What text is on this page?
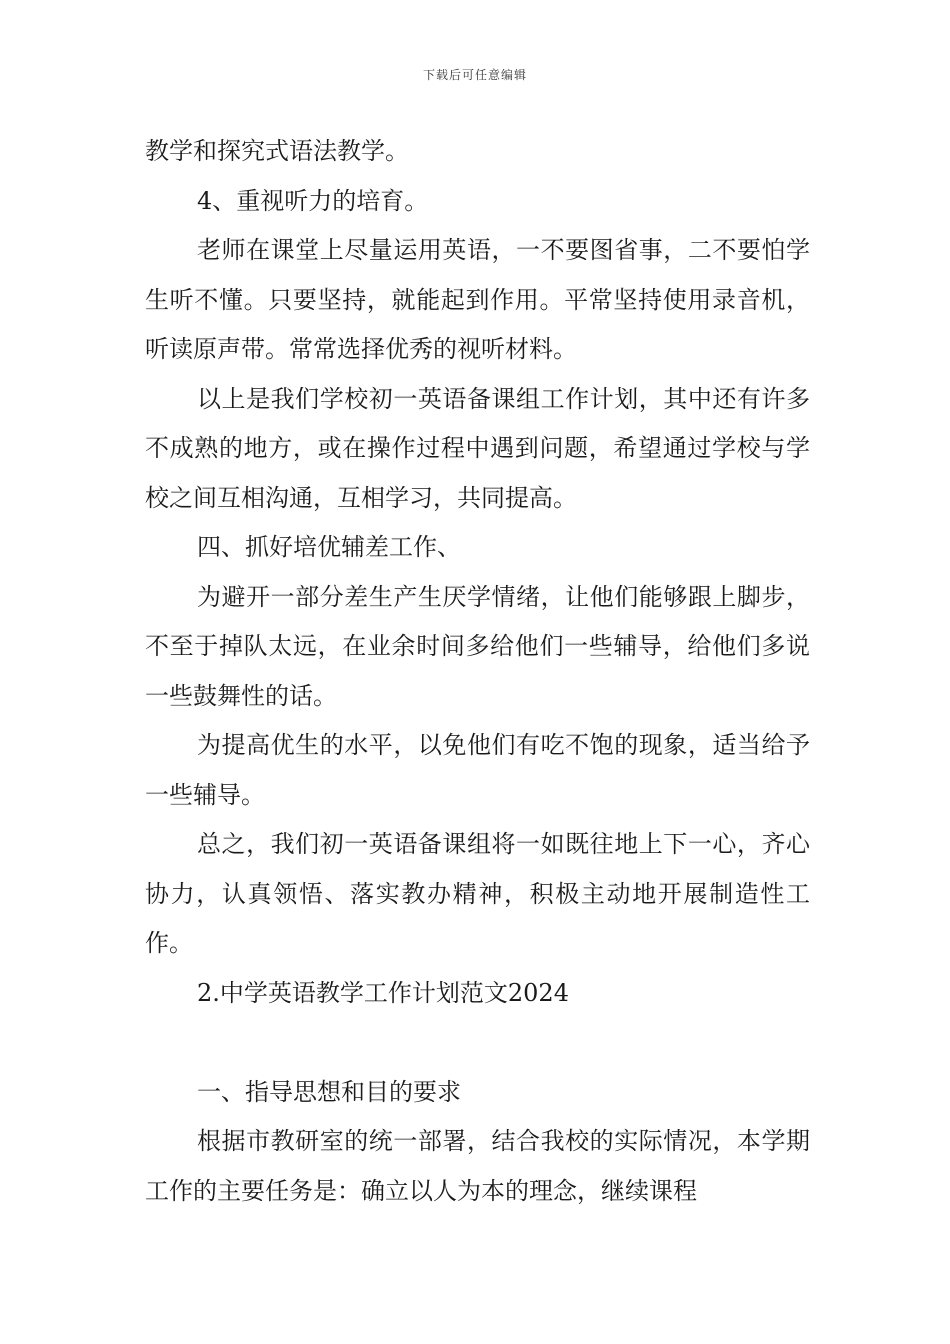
下载后可任意编辑

教学和探究式语法教学。

4、重视听力的培育。

老师在课堂上尽量运用英语，一不要图省事，二不要怕学生听不懂。只要坚持，就能起到作用。平常坚持使用录音机，听读原声带。常常选择优秀的视听材料。

以上是我们学校初一英语备课组工作计划，其中还有许多不成熟的地方，或在操作过程中遇到问题，希望通过学校与学校之间互相沟通，互相学习，共同提高。

四、抓好培优辅差工作、

为避开一部分差生产生厌学情绪，让他们能够跟上脚步，不至于掉队太远，在业余时间多给他们一些辅导，给他们多说一些鼓舞性的话。

为提高优生的水平，以免他们有吃不饱的现象，适当给予一些辅导。

总之，我们初一英语备课组将一如既往地上下一心，齐心协力，认真领悟、落实教办精神，积极主动地开展制造性工作。

2.中学英语教学工作计划范文2024

一、指导思想和目的要求

根据市教研室的统一部署，结合我校的实际情况，本学期工作的主要任务是：确立以人为本的理念，继续课程
